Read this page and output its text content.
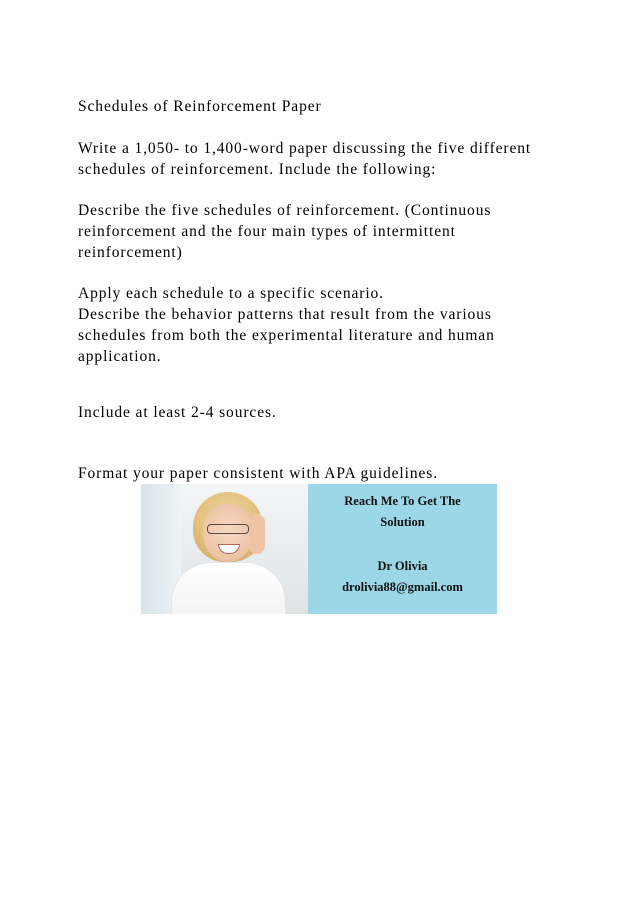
Schedules of Reinforcement Paper
Write a 1,050- to 1,400-word paper discussing the five different
schedules of reinforcement. Include the following:
Describe the five schedules of reinforcement. (Continuous
reinforcement and the four main types of intermittent
reinforcement)
Apply each schedule to a specific scenario.
Describe the behavior patterns that result from the various
schedules from both the experimental literature and human
application.
Include at least 2-4 sources.
Format your paper consistent with APA guidelines.
Reach Me To Get The
Solution
Dr Olivia
drolivia88@gmail.com
